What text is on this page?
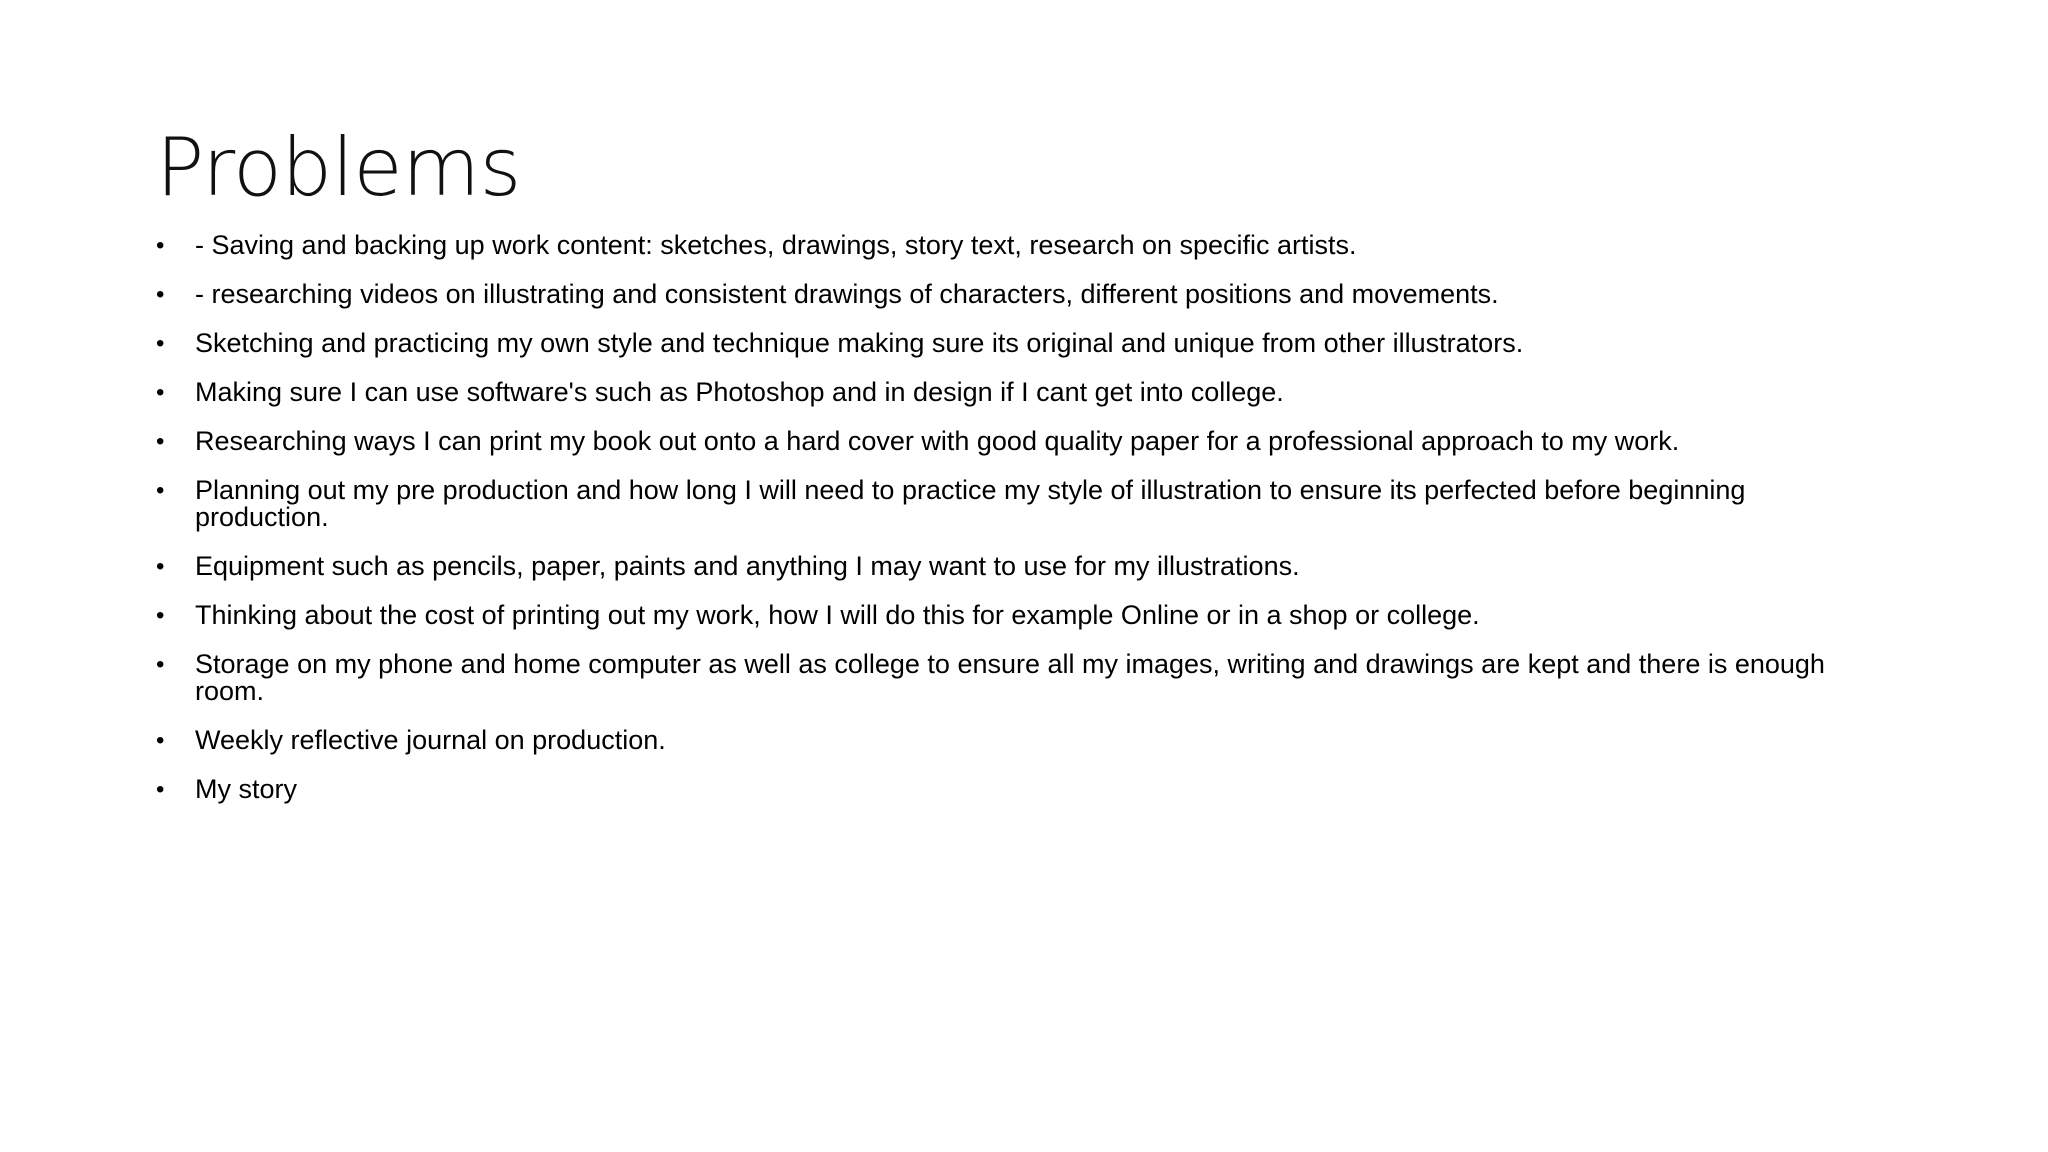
Problems
• - Saving and backing up work content: sketches, drawings, story text, research on specific artists.
• - researching videos on illustrating and consistent drawings of characters, different positions and movements.
• Sketching and practicing my own style and technique making sure its original and unique from other illustrators.
• Making sure I can use software's such as Photoshop and in design if I cant get into college.
• Researching ways I can print my book out onto a hard cover with good quality paper for a professional approach to my work.
• Planning out my pre production and how long I will need to practice my style of illustration to ensure its perfected before beginning production.
• Equipment such as pencils, paper, paints and anything I may want to use for my illustrations.
• Thinking about the cost of printing out my work, how I will do this for example Online or in a shop or college.
• Storage on my phone and home computer as well as college to ensure all my images, writing and drawings are kept and there is enough room.
• Weekly reflective journal on production.
• My story
